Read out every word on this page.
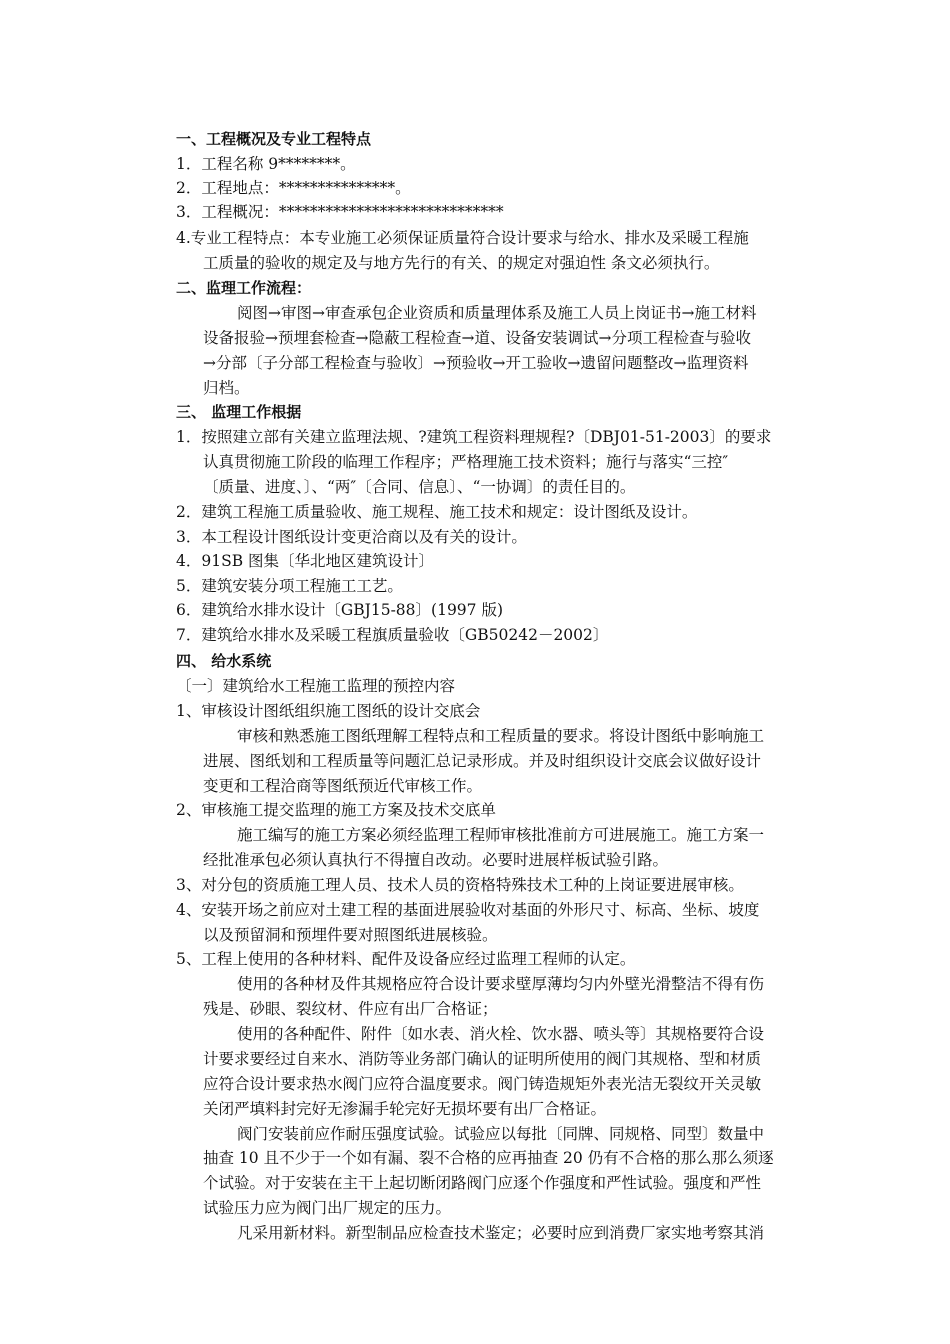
一、工程概况及专业工程特点
1．工程名称 9********。
2．工程地点：***************。
3．工程概况：*****************************
4.专业工程特点：本专业施工必须保证质量符合设计要求与给水、排水及采暖工程施
工质量的验收的规定及与地方先行的有关、的规定对强迫性 条文必须执行。
二、监理工作流程：
阅图→审图→审查承包企业资质和质量理体系及施工人员上岗证书→施工材料
设备报验→预埋套检查→隐蔽工程检查→道、设备安装调试→分项工程检查与验收
→分部〔子分部工程检查与验收〕→预验收→开工验收→遗留问题整改→监理资料
归档。
三、 监理工作根据
1．按照建立部有关建立监理法规、?建筑工程资料理规程?〔DBJ01-51-2003〕的要求
认真贯彻施工阶段的临理工作程序；严格理施工技术资料；施行与落实“三控″
〔质量、进度、〕、“两″〔合同、信息〕、“一协调〕的责任目的。
2．建筑工程施工质量验收、施工规程、施工技术和规定：设计图纸及设计。
3．本工程设计图纸设计变更洽商以及有关的设计。
4．91SB 图集〔华北地区建筑设计〕
5．建筑安装分项工程施工工艺。
6．建筑给水排水设计〔GBJ15-88〕(1997 版)
7．建筑给水排水及采暖工程旗质量验收〔GB50242－2002〕
四、 给水系统
〔一〕建筑给水工程施工监理的预控内容
1、审核设计图纸组织施工图纸的设计交底会
审核和熟悉施工图纸理解工程特点和工程质量的要求。将设计图纸中影响施工
进展、图纸划和工程质量等问题汇总记录形成。并及时组织设计交底会议做好设计
变更和工程洽商等图纸预近代审核工作。
2、审核施工提交监理的施工方案及技术交底单
施工编写的施工方案必须经监理工程师审核批准前方可进展施工。施工方案一
经批准承包必须认真执行不得擅自改动。必要时进展样板试验引路。
3、对分包的资质施工理人员、技术人员的资格特殊技术工种的上岗证要进展审核。
4、安装开场之前应对土建工程的基面进展验收对基面的外形尺寸、标高、坐标、坡度
以及预留洞和预埋件要对照图纸进展核验。
5、工程上使用的各种材料、配件及设备应经过监理工程师的认定。
使用的各种材及件其规格应符合设计要求壁厚薄均匀内外壁光滑整洁不得有伤
残是、砂眼、裂纹材、件应有出厂合格证；
使用的各种配件、附件〔如水表、消火栓、饮水器、喷头等〕其规格要符合设
计要求要经过自来水、消防等业务部门确认的证明所使用的阀门其规格、型和材质
应符合设计要求热水阀门应符合温度要求。阀门铸造规矩外表光洁无裂纹开关灵敏
关闭严填料封完好无渗漏手轮完好无损坏要有出厂合格证。
阀门安装前应作耐压强度试验。试验应以每批〔同牌、同规格、同型〕数量中
抽查 10 且不少于一个如有漏、裂不合格的应再抽查 20 仍有不合格的那么那么须逐
个试验。对于安装在主干上起切断闭路阀门应逐个作强度和严性试验。强度和严性
试验压力应为阀门出厂规定的压力。
凡采用新材料。新型制品应检查技术鉴定；必要时应到消费厂家实地考察其消
